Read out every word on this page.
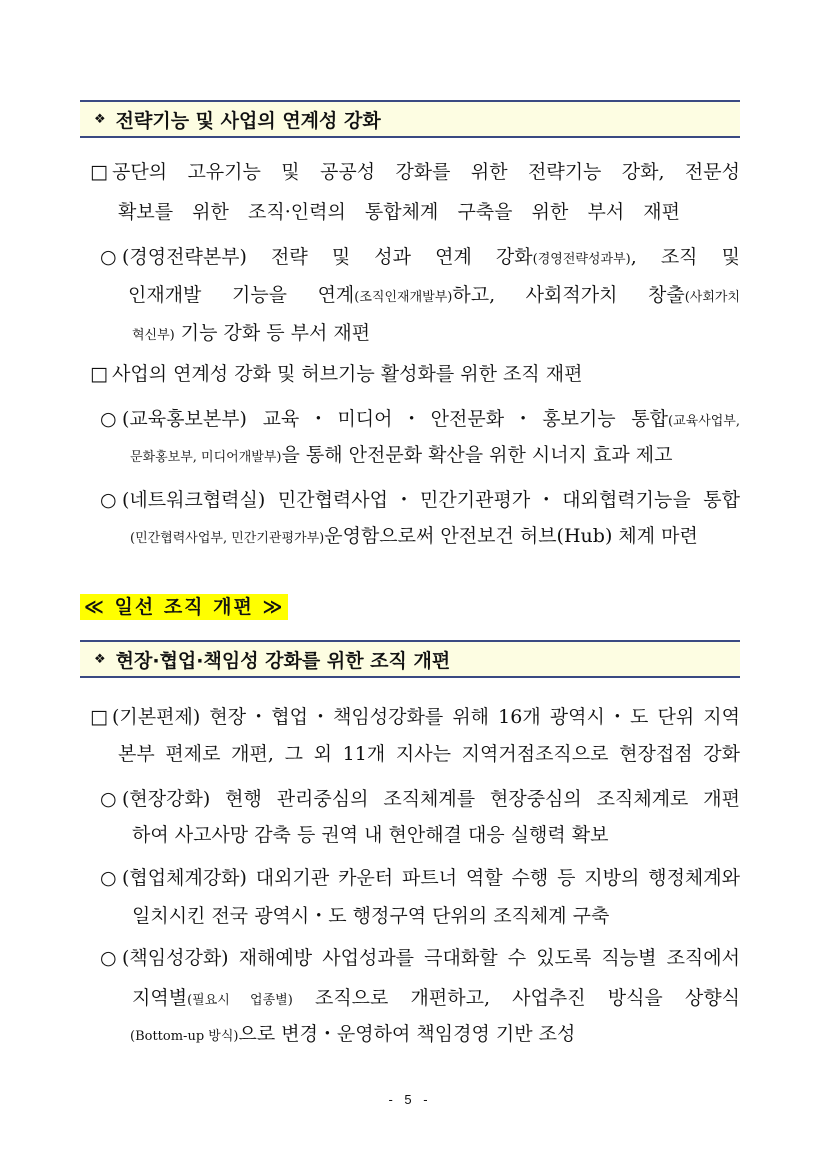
❖ 전략기능 및 사업의 연계성 강화
□ 공단의 고유기능 및 공공성 강화를 위한 전략기능 강화, 전문성
확보를 위한 조직·인력의 통합체계 구축을 위한 부서 재편
○ (경영전략본부) 전략 및 성과 연계 강화(경영전략성과부), 조직 및
인재개발 기능을 연계(조직인재개발부)하고, 사회적가치 창출(사회가치
혁신부) 기능 강화 등 부서 재편
□ 사업의 연계성 강화 및 허브기능 활성화를 위한 조직 재편
○ (교육홍보본부) 교육・미디어・안전문화・홍보기능 통합(교육사업부,
문화홍보부, 미디어개발부)을 통해 안전문화 확산을 위한 시너지 효과 제고
○ (네트워크협력실) 민간협력사업・민간기관평가・대외협력기능을 통합
(민간협력사업부, 민간기관평가부)운영함으로써 안전보건 허브(Hub) 체계 마련
≪ 일선 조직 개편 ≫
❖ 현장·협업·책임성 강화를 위한 조직 개편
□ (기본편제) 현장・협업・책임성강화를 위해 16개 광역시・도 단위 지역
본부 편제로 개편, 그 외 11개 지사는 지역거점조직으로 현장접점 강화
○ (현장강화) 현행 관리중심의 조직체계를 현장중심의 조직체계로 개편
하여 사고사망 감축 등 권역 내 현안해결 대응 실행력 확보
○ (협업체계강화) 대외기관 카운터 파트너 역할 수행 등 지방의 행정체계와
일치시킨 전국 광역시・도 행정구역 단위의 조직체계 구축
○ (책임성강화) 재해예방 사업성과를 극대화할 수 있도록 직능별 조직에서
지역별(필요시 업종별) 조직으로 개편하고, 사업추진 방식을 상향식
(Bottom-up 방식)으로 변경・운영하여 책임경영 기반 조성
- 5 -
